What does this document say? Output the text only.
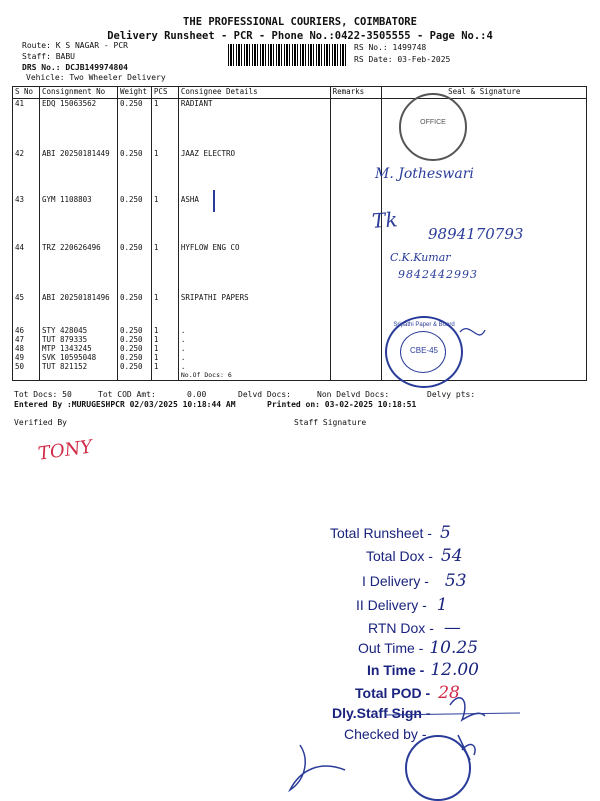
THE PROFESSIONAL COURIERS, COIMBATORE
Delivery Runsheet - PCR - Phone No.:0422-3505555 - Page No.:4
Route: K S NAGAR - PCR
Staff: BABU
DRS No.: DCJB149974804
Vehicle: Two Wheeler Delivery
RS No.: 1499748
RS Date: 03-Feb-2025
S No	Consignment No	Weight	PCS	Consignee Details	Remarks	Seal & Signature
41	EDQ 15063562	0.250	1	RADIANT		
42	ABI 20250181449	0.250	1	JAAZ ELECTRO		
43	GYM 1108803	0.250	1	ASHA		
44	TRZ 220626496	0.250	1	HYFLOW ENG CO		
45	ABI 20250181496	0.250	1	SRIPATHI PAPERS		
46	STY 428045	0.250	1	.		
47	TUT 879335	0.250	1	.		
48	MTP 1343245	0.250	1	.		
49	SVK 10595048	0.250	1	.		
50	TUT 821152	0.250	1	.		
				No.Of Docs: 6		
Tot Docs: 50	Tot COD Amt:	0.00	Delvd Docs:	Non Delvd Docs:	Delvy pts:
Entered By :MURUGESHPCR 02/03/2025 10:18:44 AM	Printed on: 03-02-2025 10:18:51
Verified By	Staff Signature
OFFICE
Sripathi Paper & Board
CBE-45
M. Jotheswari
Tk
9894170793
C.K.Kumar
9842442993
TONY
Total Runsheet - 5
Total Dox - 54
I Delivery - 53
II Delivery - 1
RTN Dox - —
Out Time - 10.25
In Time - 12.00
Total POD - 28
Dly.Staff Sign -
Checked by -
